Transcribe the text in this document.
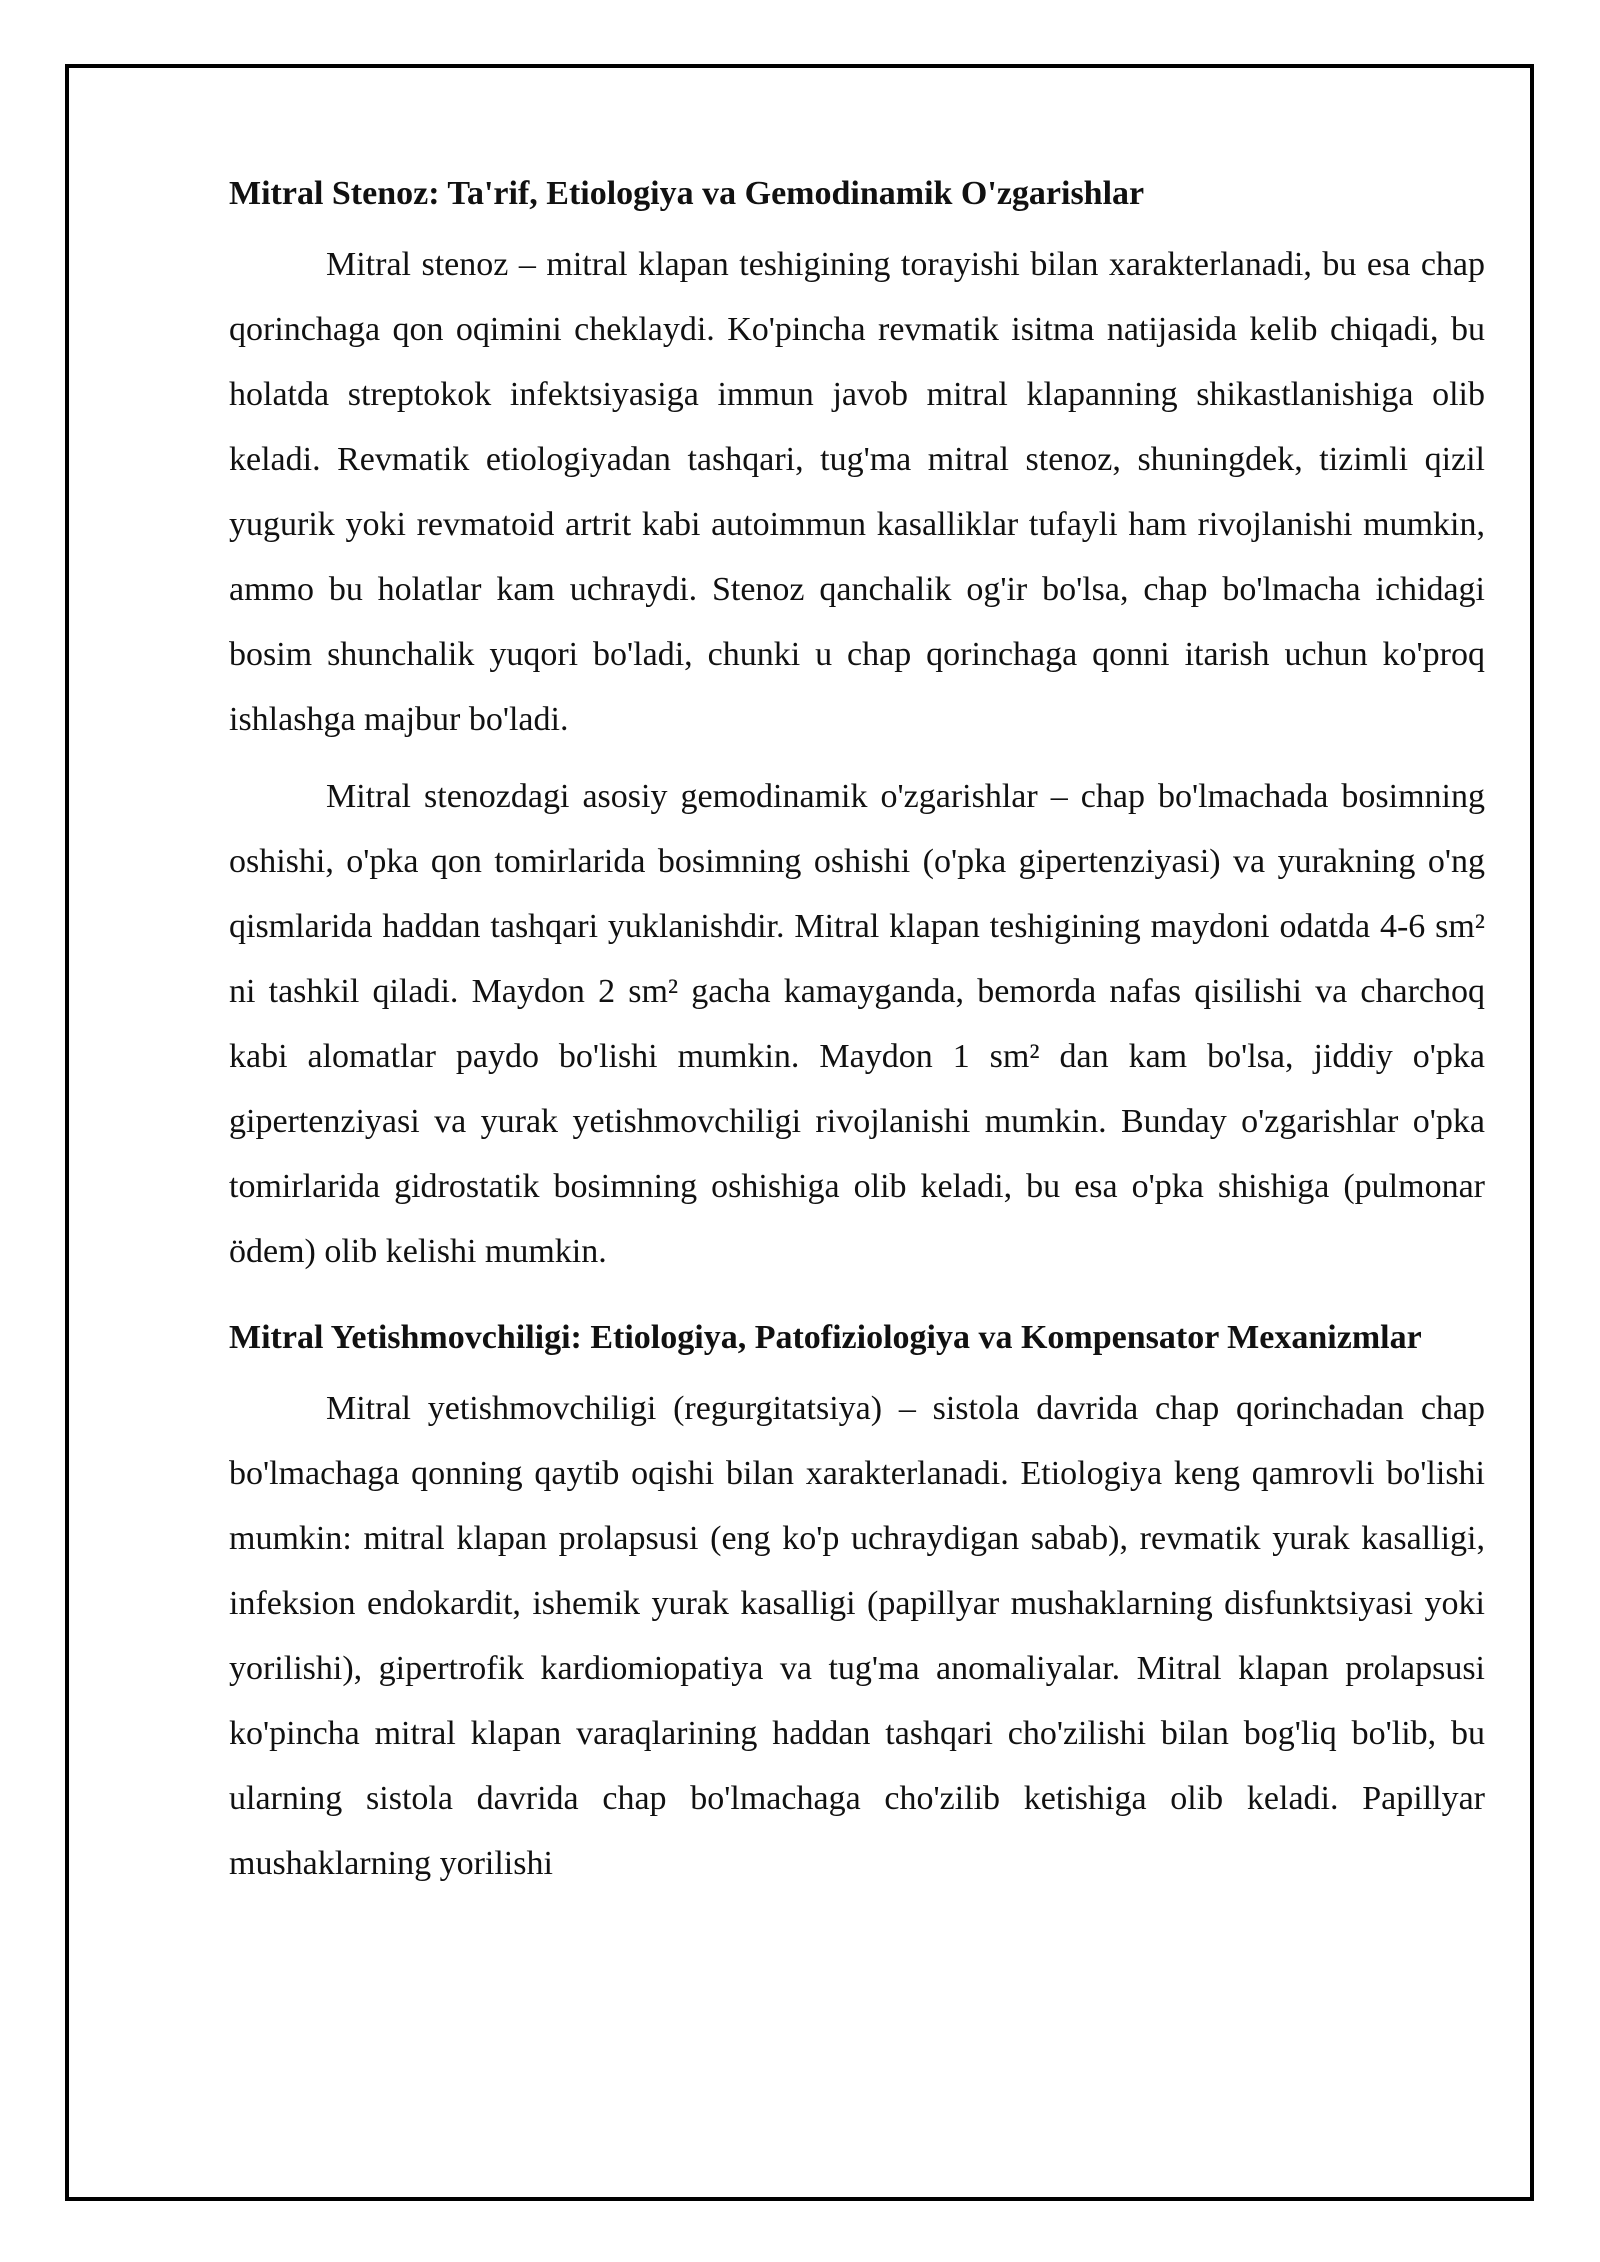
Mitral Stenoz: Ta'rif, Etiologiya va Gemodinamik O'zgarishlar

Mitral stenoz – mitral klapan teshigining torayishi bilan xarakterlanadi, bu esa chap qorinchaga qon oqimini cheklaydi. Ko'pincha revmatik isitma natijasida kelib chiqadi, bu holatda streptokok infektsiyasiga immun javob mitral klapanning shikastlanishiga olib keladi. Revmatik etiologiyadan tashqari, tug'ma mitral stenoz, shuningdek, tizimli qizil yugurik yoki revmatoid artrit kabi autoimmun kasalliklar tufayli ham rivojlanishi mumkin, ammo bu holatlar kam uchraydi. Stenoz qanchalik og'ir bo'lsa, chap bo'lmacha ichidagi bosim shunchalik yuqori bo'ladi, chunki u chap qorinchaga qonni itarish uchun ko'proq ishlashga majbur bo'ladi.

Mitral stenozdagi asosiy gemodinamik o'zgarishlar – chap bo'lmachada bosimning oshishi, o'pka qon tomirlarida bosimning oshishi (o'pka gipertenziyasi) va yurakning o'ng qismlarida haddan tashqari yuklanishdir. Mitral klapan teshigining maydoni odatda 4-6 sm² ni tashkil qiladi. Maydon 2 sm² gacha kamayganda, bemorda nafas qisilishi va charchoq kabi alomatlar paydo bo'lishi mumkin. Maydon 1 sm² dan kam bo'lsa, jiddiy o'pka gipertenziyasi va yurak yetishmovchiligi rivojlanishi mumkin. Bunday o'zgarishlar o'pka tomirlarida gidrostatik bosimning oshishiga olib keladi, bu esa o'pka shishiga (pulmonar ödem) olib kelishi mumkin.

Mitral Yetishmovchiligi: Etiologiya, Patofiziologiya va Kompensator Mexanizmlar

Mitral yetishmovchiligi (regurgitatsiya) – sistola davrida chap qorinchadan chap bo'lmachaga qonning qaytib oqishi bilan xarakterlanadi. Etiologiya keng qamrovli bo'lishi mumkin: mitral klapan prolapsusi (eng ko'p uchraydigan sabab), revmatik yurak kasalligi, infeksion endokardit, ishemik yurak kasalligi (papillyar mushaklarning disfunktsiyasi yoki yorilishi), gipertrofik kardiomiopatiya va tug'ma anomaliyalar. Mitral klapan prolapsusi ko'pincha mitral klapan varaqlarining haddan tashqari cho'zilishi bilan bog'liq bo'lib, bu ularning sistola davrida chap bo'lmachaga cho'zilib ketishiga olib keladi. Papillyar mushaklarning yorilishi
